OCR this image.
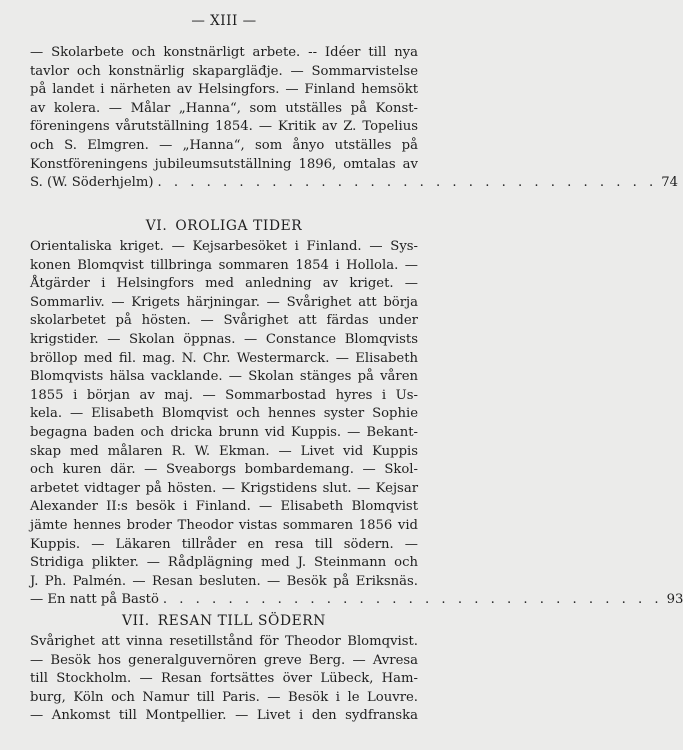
— XIII —
— Skolarbete och konstnärligt arbete. -- Idéer till nya
tavlor och konstnärlig skapargläđje. — Sommarvistelse
på landet i närheten av Helsingfors. — Finland hemsökt
av kolera. — Målar „Hanna“, som utställes på Konst-
föreningens vårutställning 1854. — Kritik av Z. Topelius
och S. Elmgren. — „Hanna“, som ånyo utställes på
Konstföreningens jubileumsutställning 1896, omtalas av
S. (W. Söderhjelm) . . . . . . . . . . . . . . . . . . . . . . . . . . . . . . . 74
VI. OROLIGA TIDER
Orientaliska kriget. — Kejsarbesöket i Finland. — Sys-
konen Blomqvist tillbringa sommaren 1854 i Hollola. —
Åtgärder i Helsingfors med anledning av kriget. —
Sommarliv. — Krigets härjningar. — Svårighet att börja
skolarbetet på hösten. — Svårighet att färdas under
krigstider. — Skolan öppnas. — Constance Blomqvists
bröllop med fil. mag. N. Chr. Westermarck. — Elisabeth
Blomqvists hälsa vacklande. — Skolan stänges på våren
1855 i början av maj. — Sommarbostad hyres i Us-
kela. — Elisabeth Blomqvist och hennes syster Sophie
begagna baden och dricka brunn vid Kuppis. — Bekant-
skap med målaren R. W. Ekman. — Livet vid Kuppis
och kuren där. — Sveaborgs bombardemang. — Skol-
arbetet vidtager på hösten. — Krigstidens slut. — Kejsar
Alexander II:s besök i Finland. — Elisabeth Blomqvist
jämte hennes broder Theodor vistas sommaren 1856 vid
Kuppis. — Läkaren tillråder en resa till södern. —
Stridiga plikter. — Rådplägning med J. Steinmann och
J. Ph. Palmén. — Resan besluten. — Besök på Eriksnäs.
— En natt på Bastö . . . . . . . . . . . . . . . . . . . . . . . . . . . . . . . 93
VII. RESAN TILL SÖDERN
Svårighet att vinna resetillstånd för Theodor Blomqvist.
— Besök hos generalguvernören greve Berg. — Avresa
till Stockholm. — Resan fortsättes över Lübeck, Ham-
burg, Köln och Namur till Paris. — Besök i le Louvre.
— Ankomst till Montpellier. — Livet i den sydfranska
